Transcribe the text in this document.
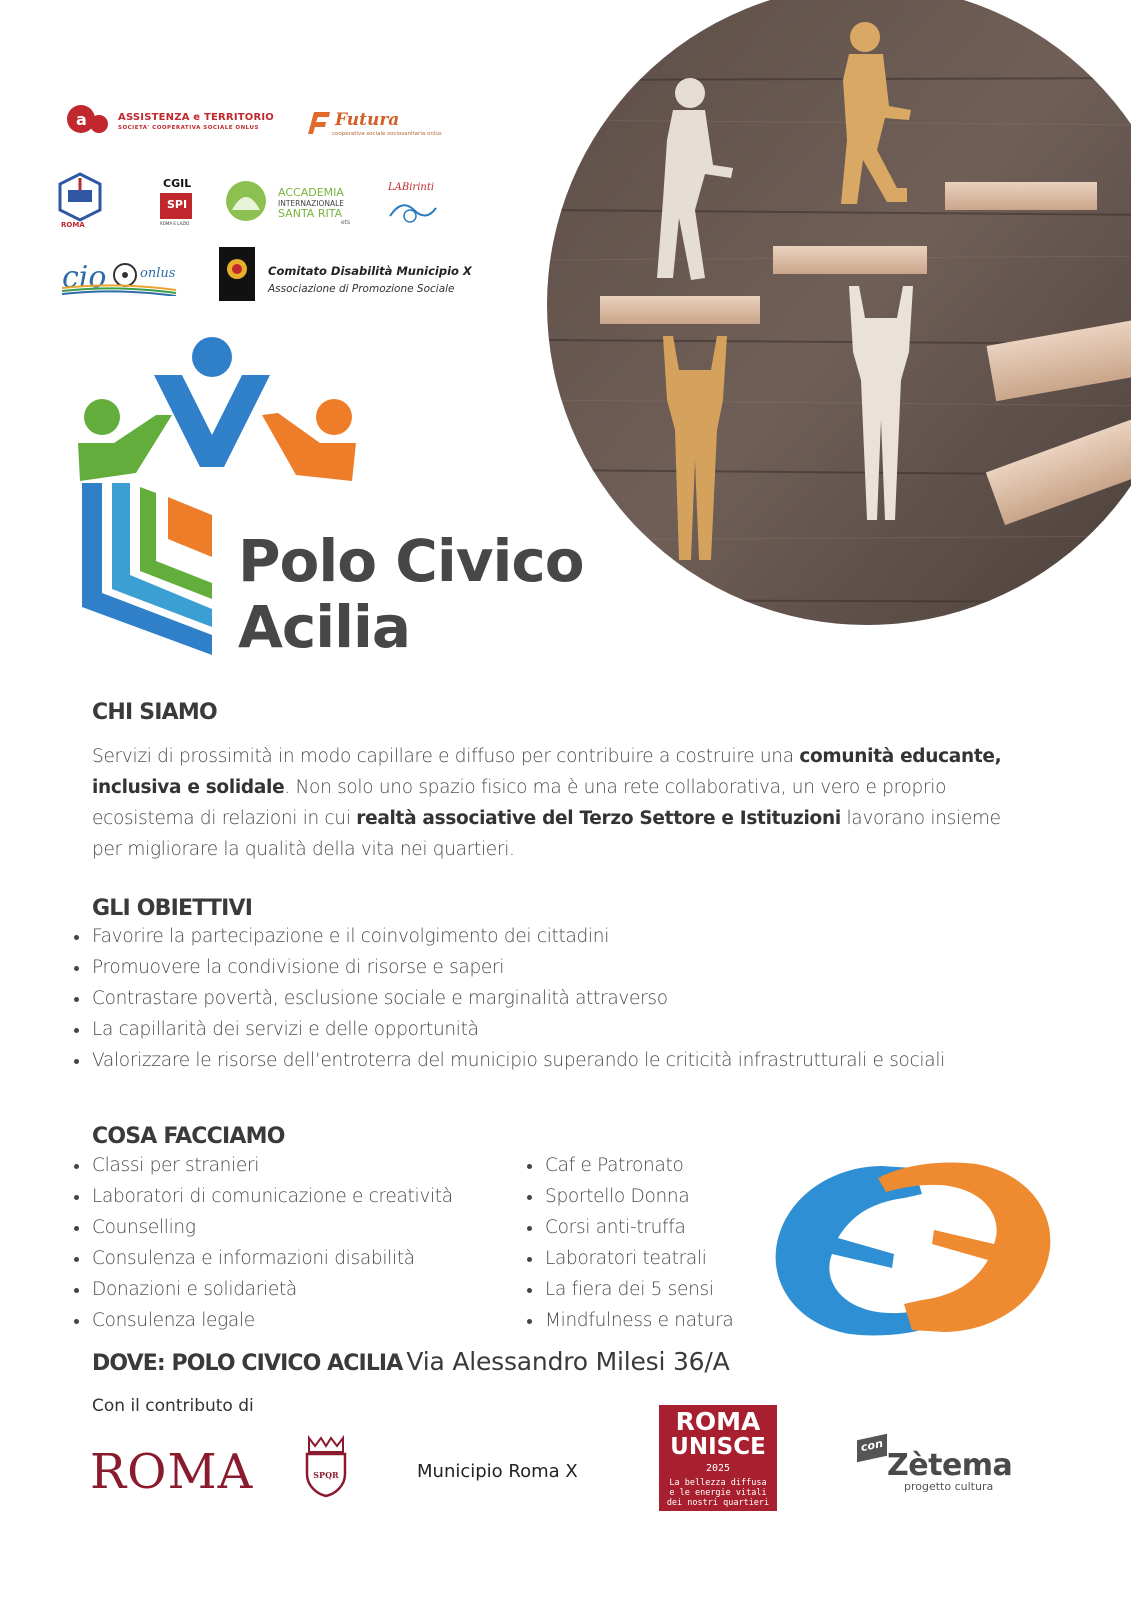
a	ASSISTENZA e TERRITORIO
SOCIETA' COOPERATIVA SOCIALE ONLUS	Futura
cooperativa sociale sociosanitaria onlus
ROMA
CGIL
SPI
ROMA E LAZIO
ACCADEMIA
INTERNAZIONALE
SANTA RITA
ets
LABirinti
cio	onlus	Comitato Disabilità Municipio X
Associazione di Promozione Sociale
Polo Civico
Acilia
CHI SIAMO
Servizi di prossimità in modo capillare e diffuso per contribuire a costruire una comunità educante, inclusiva e solidale. Non solo uno spazio fisico ma è una rete collaborativa, un vero e proprio ecosistema di relazioni in cui realtà associative del Terzo Settore e Istituzioni lavorano insieme per migliorare la qualità della vita nei quartieri.
GLI OBIETTIVI
Favorire la partecipazione e il coinvolgimento dei cittadini
Promuovere la condivisione di risorse e saperi
Contrastare povertà, esclusione sociale e marginalità attraverso
La capillarità dei servizi e delle opportunità
Valorizzare le risorse dell’entroterra del municipio superando le criticità infrastrutturali e sociali
COSA FACCIAMO
Classi per stranieri
Laboratori di comunicazione e creatività
Counselling
Consulenza e informazioni disabilità
Donazioni e solidarietà
Consulenza legale
Caf e Patronato
Sportello Donna
Corsi anti-truffa
Laboratori teatrali
La fiera dei 5 sensi
Mindfulness e natura
DOVE: POLO CIVICO ACILIA Via Alessandro Milesi 36/A
Con il contributo di
ROMA	SPQR	Municipio Roma X
ROMA
UNISCE
2025
La bellezza diffusa
e le energie vitali
dei nostri quartieri
con
Zètema
progetto cultura
